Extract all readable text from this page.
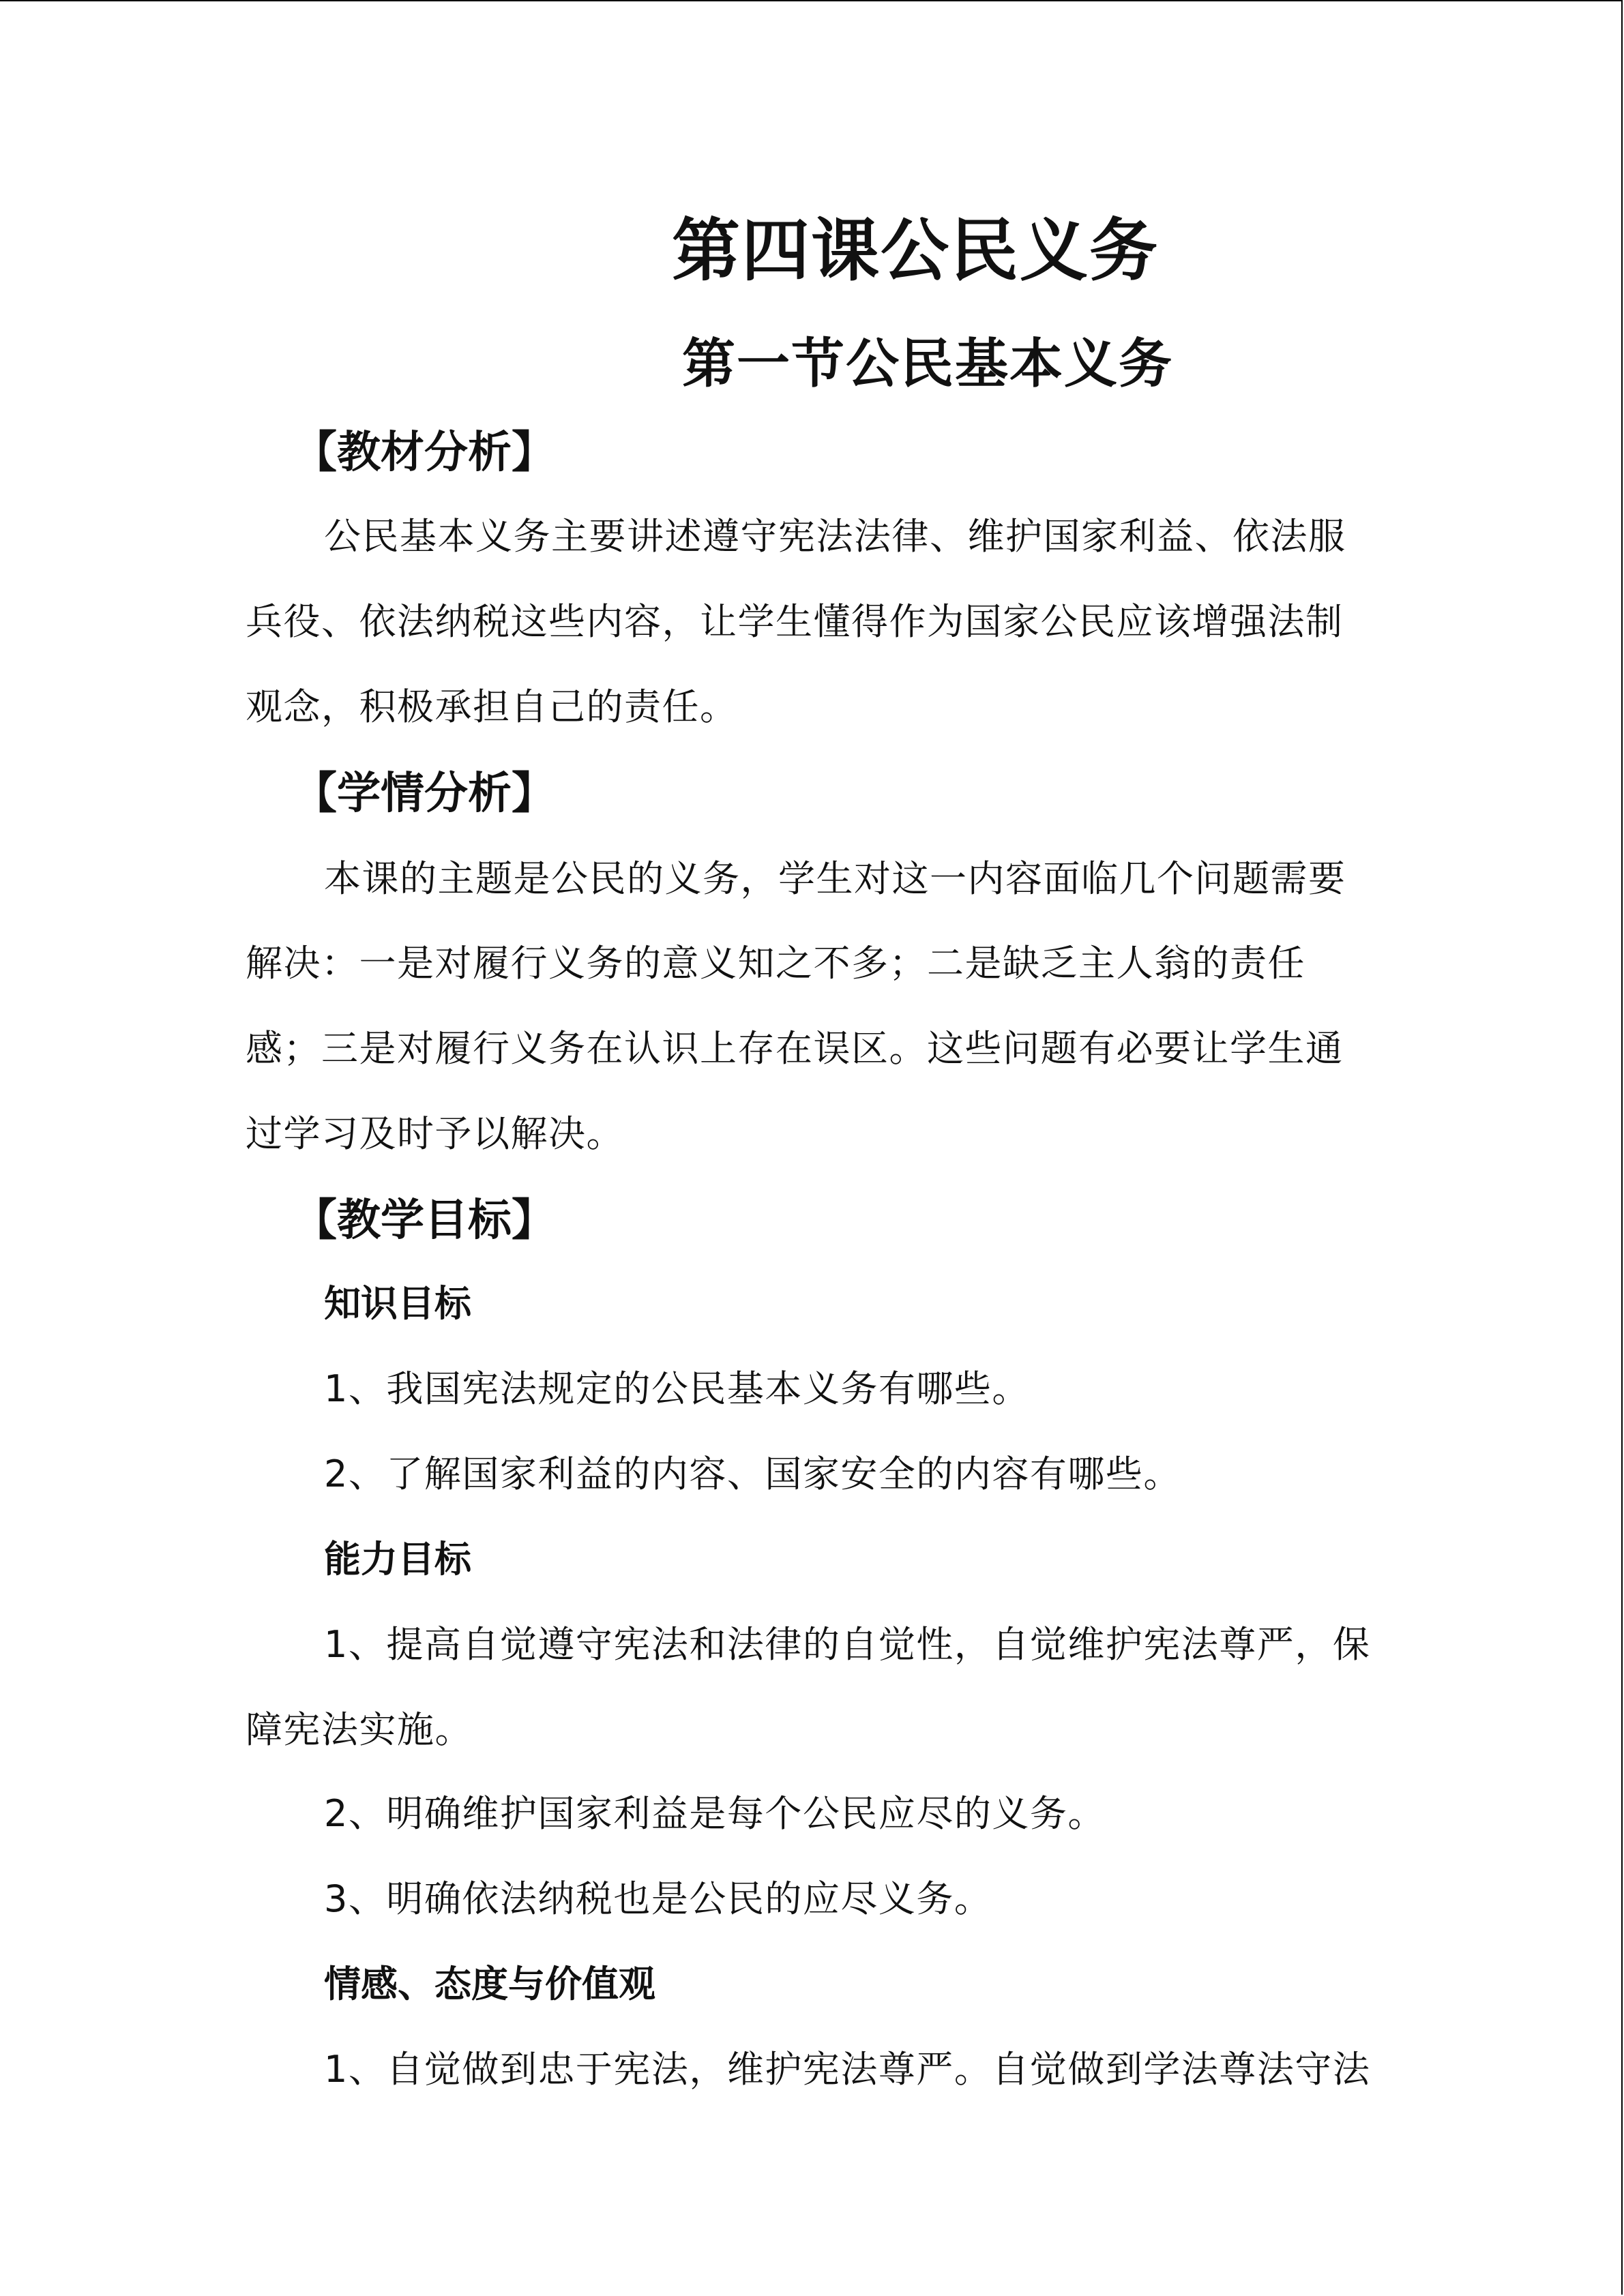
第四课公民义务
第一节公民基本义务
【教材分析】
公民基本义务主要讲述遵守宪法法律、维护国家利益、依法服
兵役、依法纳税这些内容，让学生懂得作为国家公民应该增强法制
观念，积极承担自己的责任。
【学情分析】
本课的主题是公民的义务，学生对这一内容面临几个问题需要
解决：一是对履行义务的意义知之不多；二是缺乏主人翁的责任
感；三是对履行义务在认识上存在误区。这些问题有必要让学生通
过学习及时予以解决。
【教学目标】
知识目标
1、我国宪法规定的公民基本义务有哪些。
2、了解国家利益的内容、国家安全的内容有哪些。
能力目标
1、提高自觉遵守宪法和法律的自觉性，自觉维护宪法尊严，保
障宪法实施。
2、明确维护国家利益是每个公民应尽的义务。
3、明确依法纳税也是公民的应尽义务。
情感、态度与价值观
1、自觉做到忠于宪法，维护宪法尊严。自觉做到学法尊法守法
